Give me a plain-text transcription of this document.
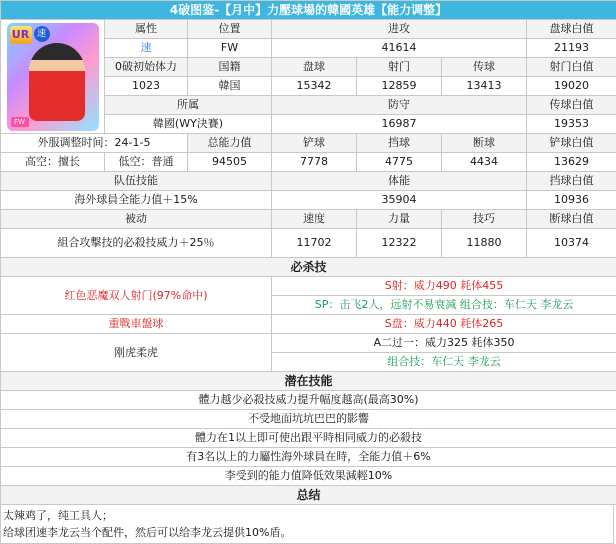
4破图鉴-【月中】力壓球場的韓國英雄【能力调整】						

UR 速
FW	属性	位置	进攻			盘球白值
	速	FW	41614			21193
	0破初始体力	国籍	盘球	射门	传球	射门白值
	1023	韓国	15342	12859	13413	19020
	所属		防守			传球白值
	韓國(WY決賽)		16987			19353
外服调整时间：24-1-5		总能力值	铲球	挡球	断球	铲球白值
高空：擅长	低空：普通	94505	7778	4775	4434	13629
队伍技能			体能			挡球白值
海外球員全能力值＋15%			35904			10936
被动			速度	力量	技巧	断球白值
組合攻擊技的必殺技威力＋25％			11702	12322	11880	10374
必杀技						
红色恶魔双人射门(97%命中)			S射：威力490 耗体455			
			SP：击飞2人，远射不易衰减 组合技：车仁天 李龙云			
重戰車盤球			S盘：威力440 耗体265			
刚虎柔虎			A二过一：威力325 耗体350			
			组合技：车仁天 李龙云			
潜在技能						
體力越少必殺技威力提升幅度越高(最高30%)						
不受地面坑坑巴巴的影響						
體力在1以上即可使出跟平時相同威力的必殺技						
有3名以上的力屬性海外球員在時，全能力值＋6%						
李受到的能力值降低效果減輕10%						
总结						
太辣鸡了，纯工具人；
给球团速李龙云当个配件，然后可以给李龙云提供10%盾。
